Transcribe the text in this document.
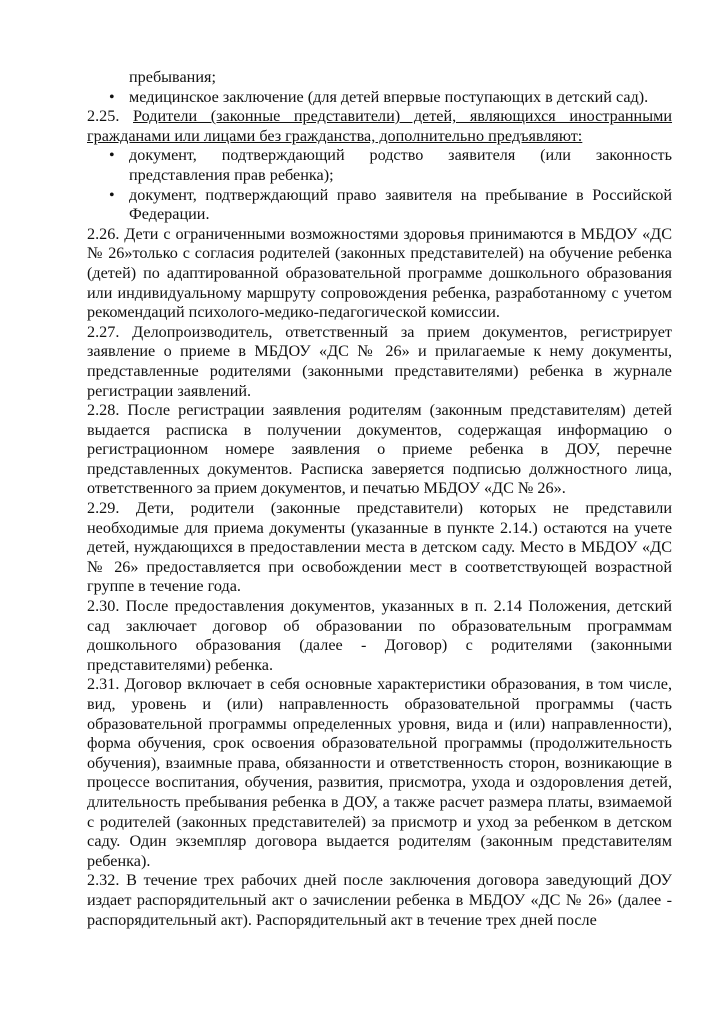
пребывания;

• медицинское заключение (для детей впервые поступающих в детский сад).

2.25. Родители (законные представители) детей, являющихся иностранными гражданами или лицами без гражданства, дополнительно предъявляют:

• документ, подтверждающий родство заявителя (или законность представления прав ребенка);
• документ, подтверждающий право заявителя на пребывание в Российской Федерации.

2.26. Дети с ограниченными возможностями здоровья принимаются в МБДОУ «ДС № 26»только с согласия родителей (законных представителей) на обучение ребенка (детей) по адаптированной образовательной программе дошкольного образования или индивидуальному маршруту сопровождения ребенка, разработанному с учетом рекомендаций психолого-медико-педагогической комиссии.

2.27. Делопроизводитель, ответственный за прием документов, регистрирует заявление о приеме в МБДОУ «ДС № 26» и прилагаемые к нему документы, представленные родителями (законными представителями) ребенка в журнале регистрации заявлений.

2.28. После регистрации заявления родителям (законным представителям) детей выдается расписка в получении документов, содержащая информацию о регистрационном номере заявления о приеме ребенка в ДОУ, перечне представленных документов. Расписка заверяется подписью должностного лица, ответственного за прием документов, и печатью МБДОУ «ДС № 26».

2.29. Дети, родители (законные представители) которых не представили необходимые для приема документы (указанные в пункте 2.14.) остаются на учете детей, нуждающихся в предоставлении места в детском саду. Место в МБДОУ «ДС № 26» предоставляется при освобождении мест в соответствующей возрастной группе в течение года.

2.30. После предоставления документов, указанных в п. 2.14 Положения, детский сад заключает договор об образовании по образовательным программам дошкольного образования (далее - Договор) с родителями (законными представителями) ребенка.

2.31. Договор включает в себя основные характеристики образования, в том числе, вид, уровень и (или) направленность образовательной программы (часть образовательной программы определенных уровня, вида и (или) направленности), форма обучения, срок освоения образовательной программы (продолжительность обучения), взаимные права, обязанности и ответственность сторон, возникающие в процессе воспитания, обучения, развития, присмотра, ухода и оздоровления детей, длительность пребывания ребенка в ДОУ, а также расчет размера платы, взимаемой с родителей (законных представителей) за присмотр и уход за ребенком в детском саду. Один экземпляр договора выдается родителям (законным представителям ребенка).

2.32. В течение трех рабочих дней после заключения договора заведующий ДОУ издает распорядительный акт о зачислении ребенка в МБДОУ «ДС № 26» (далее - распорядительный акт). Распорядительный акт в течение трех дней после
